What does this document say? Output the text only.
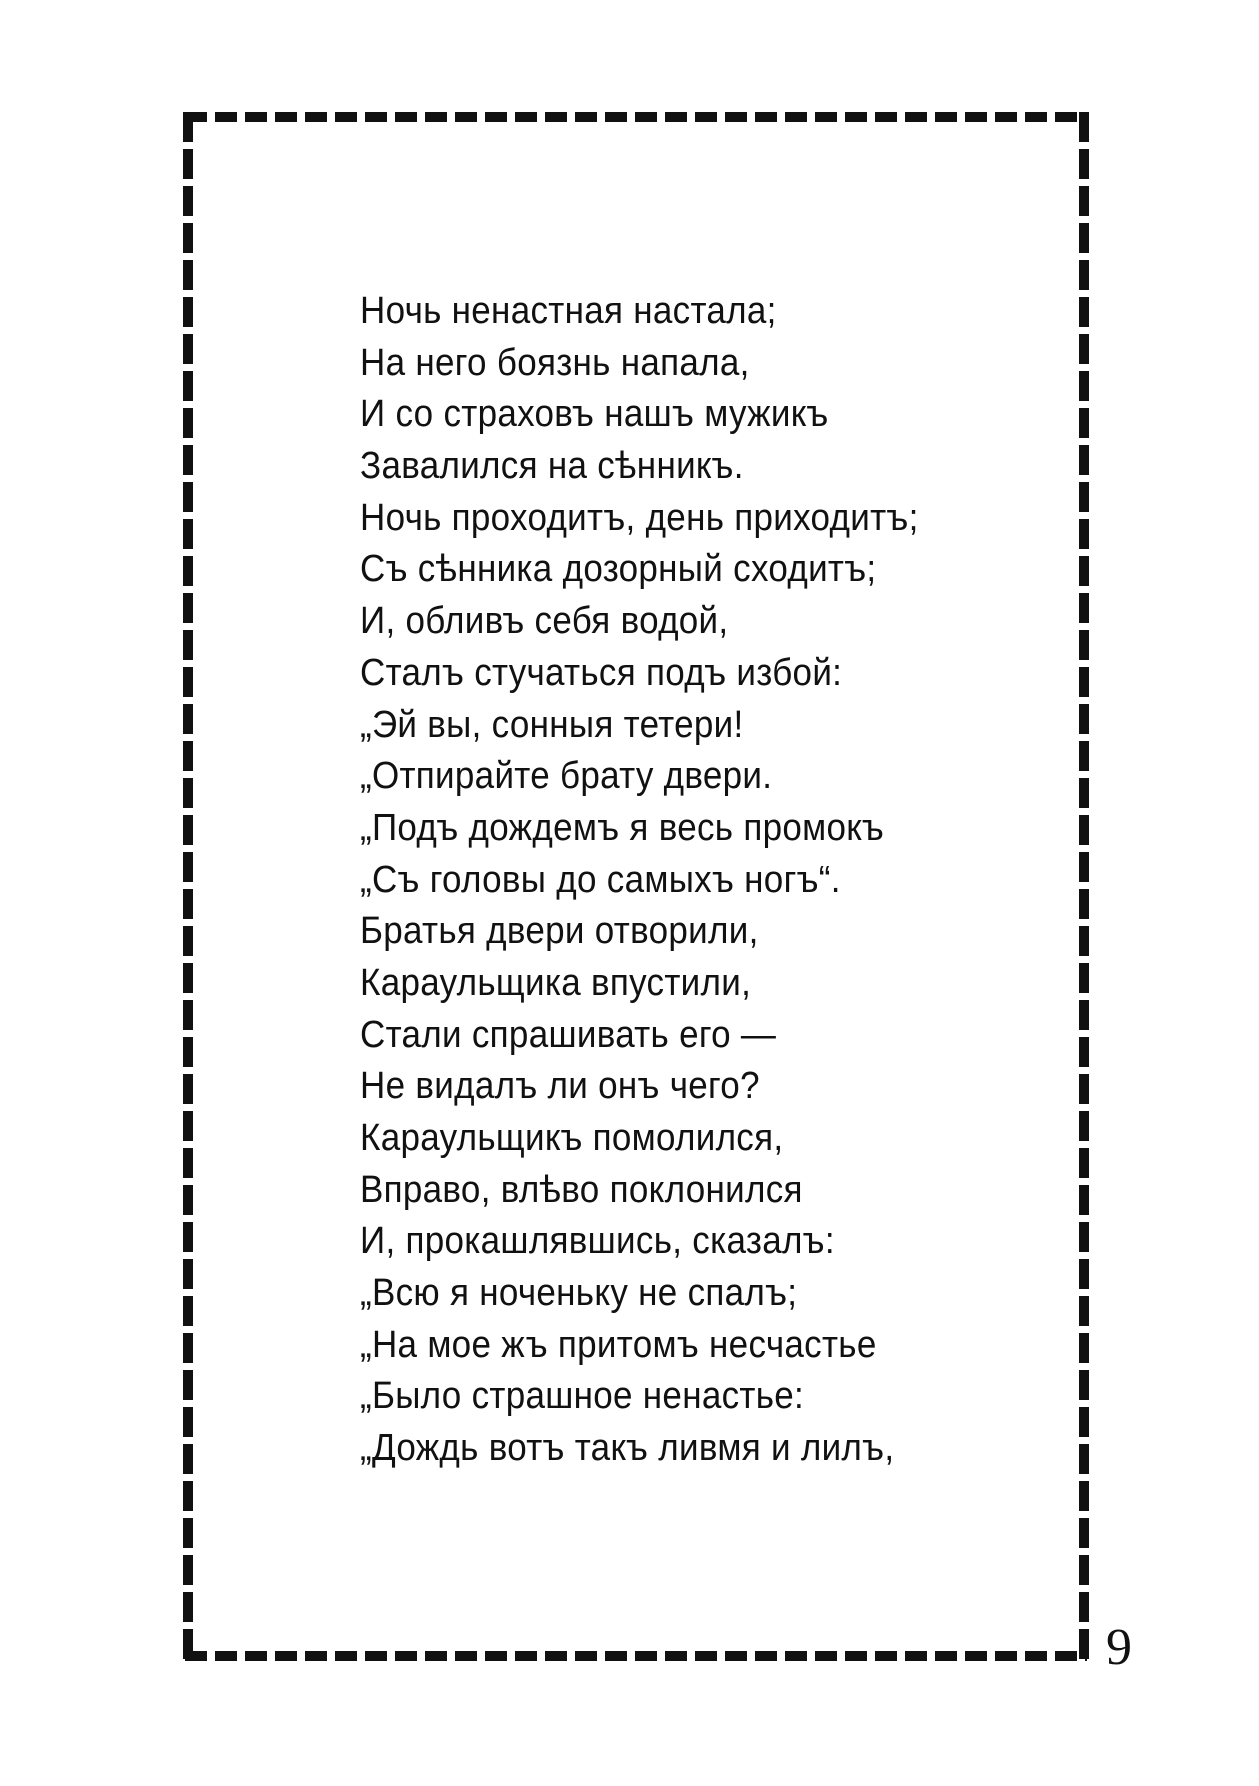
Ночь ненастная настала;
На него боязнь напала,
И со страховъ нашъ мужикъ
Завалился на сѣнникъ.
Ночь проходитъ, день приходитъ;
Съ сѣнника дозорный сходитъ;
И, обливъ себя водой,
Сталъ стучаться подъ избой:
„Эй вы, сонныя тетери!
„Отпирайте брату двери.
„Подъ дождемъ я весь промокъ
„Съ головы до самыхъ ногъ“.
Братья двери отворили,
Караульщика впустили,
Стали спрашивать его —
Не видалъ ли онъ чего?
Караульщикъ помолился,
Вправо, влѣво поклонился
И, прокашлявшись, сказалъ:
„Всю я ноченьку не спалъ;
„На мое жъ притомъ несчастье
„Было страшное ненастье:
„Дождь вотъ такъ ливмя и лилъ,
9
